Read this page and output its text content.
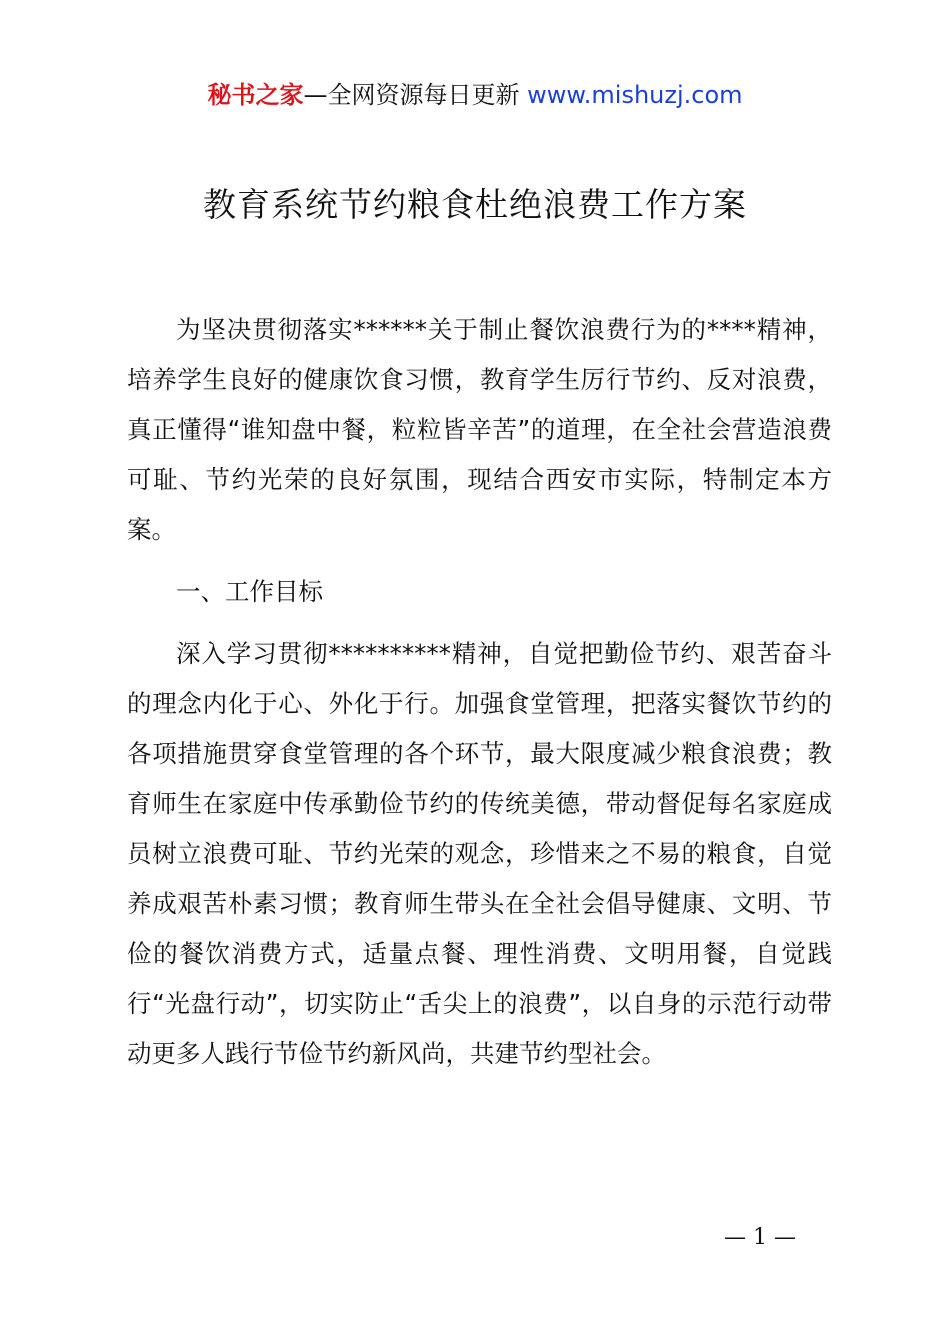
秘书之家—全网资源每日更新 www.mishuzj.com
教育系统节约粮食杜绝浪费工作方案

为坚决贯彻落实******关于制止餐饮浪费行为的****精神，培养学生良好的健康饮食习惯，教育学生厉行节约、反对浪费，真正懂得“谁知盘中餐，粒粒皆辛苦”的道理，在全社会营造浪费可耻、节约光荣的良好氛围，现结合西安市实际，特制定本方案。

一、工作目标

深入学习贯彻**********精神，自觉把勤俭节约、艰苦奋斗的理念内化于心、外化于行。加强食堂管理，把落实餐饮节约的各项措施贯穿食堂管理的各个环节，最大限度减少粮食浪费；教育师生在家庭中传承勤俭节约的传统美德，带动督促每名家庭成员树立浪费可耻、节约光荣的观念，珍惜来之不易的粮食，自觉养成艰苦朴素习惯；教育师生带头在全社会倡导健康、文明、节俭的餐饮消费方式，适量点餐、理性消费、文明用餐，自觉践行“光盘行动”，切实防止“舌尖上的浪费”，以自身的示范行动带动更多人践行节俭节约新风尚，共建节约型社会。

— 1 —
